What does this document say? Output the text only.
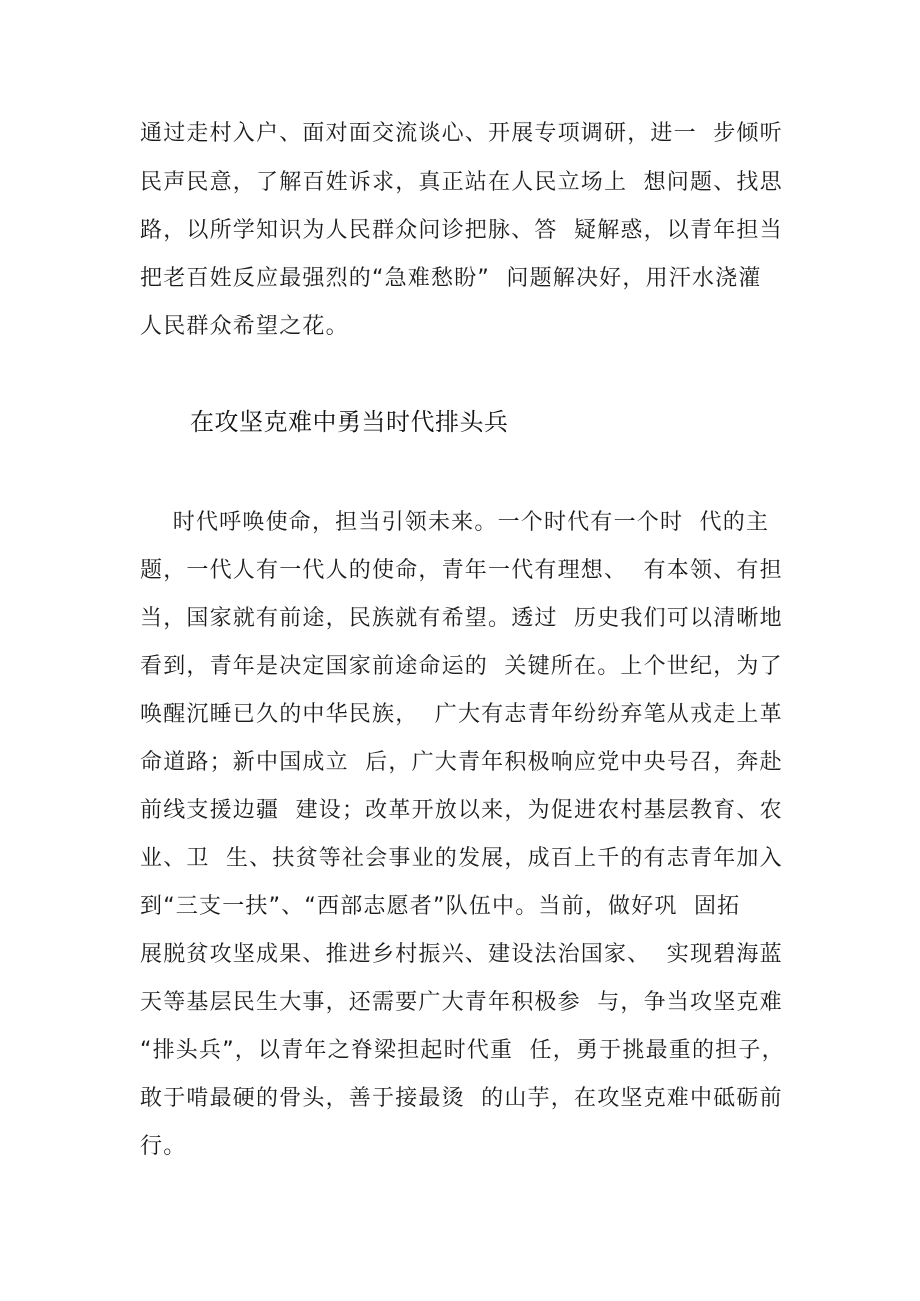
通过走村入户、面对面交流谈心、开展专项调研，进一  步倾听
民声民意，了解百姓诉求，真正站在人民立场上  想问题、找思
路，以所学知识为人民群众问诊把脉、答  疑解惑，以青年担当
把老百姓反应最强烈的“急难愁盼”  问题解决好，用汗水浇灌
人民群众希望之花。
在攻坚克难中勇当时代排头兵
时代呼唤使命，担当引领未来。一个时代有一个时  代的主
题，一代人有一代人的使命，青年一代有理想、  有本领、有担
当，国家就有前途，民族就有希望。透过  历史我们可以清晰地
看到，青年是决定国家前途命运的  关键所在。上个世纪，为了
唤醒沉睡已久的中华民族，  广大有志青年纷纷弃笔从戎走上革
命道路；新中国成立  后，广大青年积极响应党中央号召，奔赴
前线支援边疆  建设；改革开放以来，为促进农村基层教育、农
业、卫  生、扶贫等社会事业的发展，成百上千的有志青年加入
到“三支一扶”、“西部志愿者”队伍中。当前，做好巩  固拓
展脱贫攻坚成果、推进乡村振兴、建设法治国家、  实现碧海蓝
天等基层民生大事，还需要广大青年积极参  与，争当攻坚克难
“排头兵”，以青年之脊梁担起时代重  任，勇于挑最重的担子，
敢于啃最硬的骨头，善于接最烫  的山芋，在攻坚克难中砥砺前
行。
